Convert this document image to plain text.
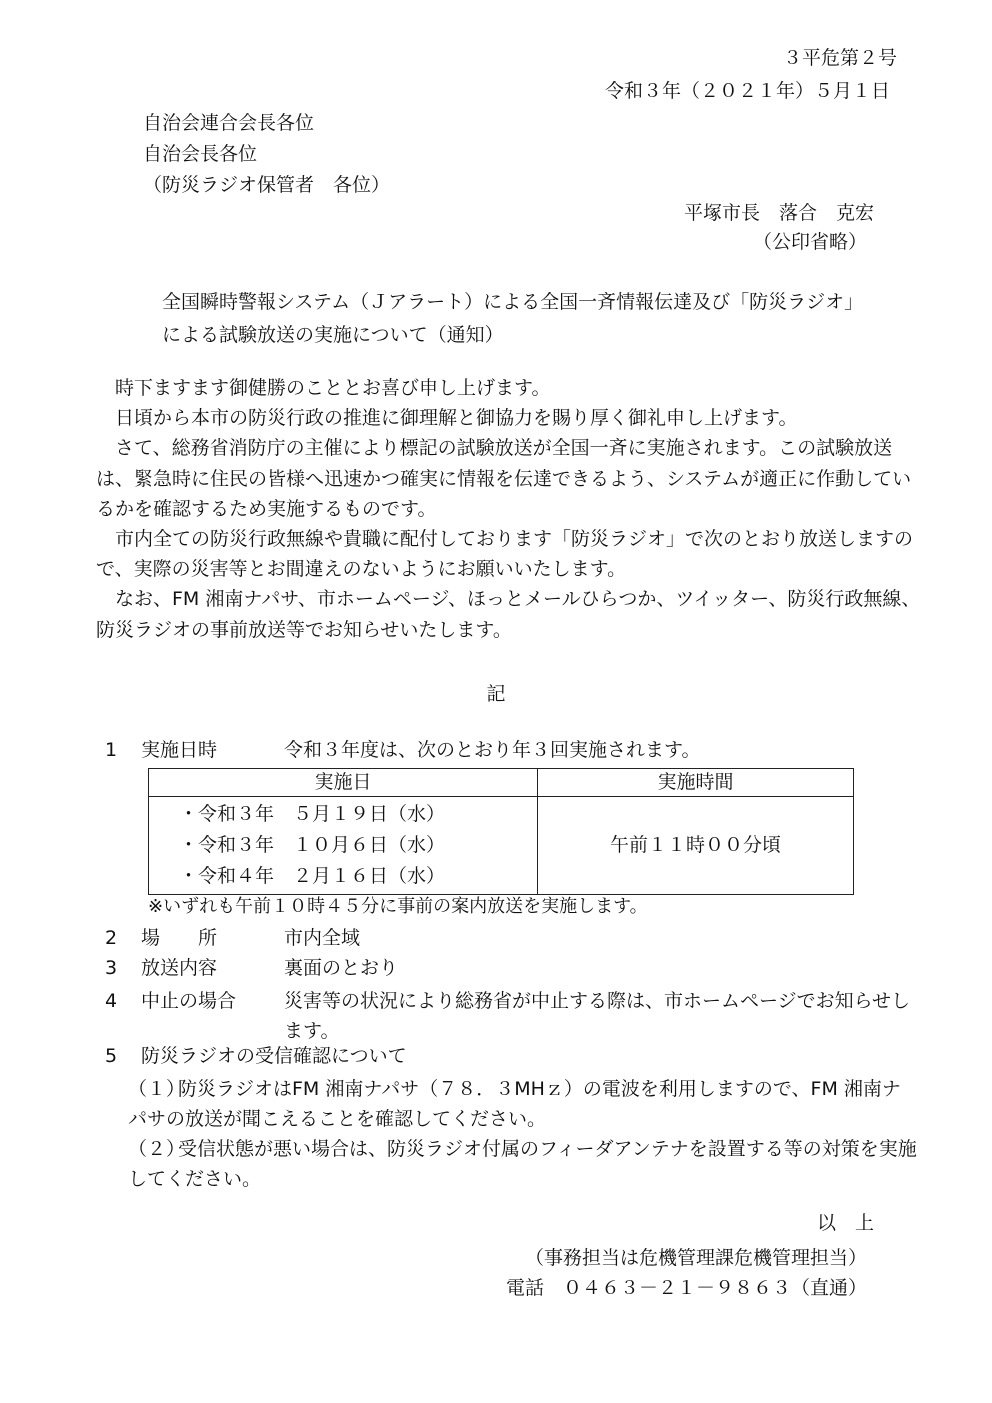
３平危第２号
令和３年（２０２１年）５月１日
自治会連合会長各位
自治会長各位
（防災ラジオ保管者　各位）
平塚市長　落合　克宏
（公印省略）
全国瞬時警報システム（Ｊアラート）による全国一斉情報伝達及び「防災ラジオ」による試験放送の実施について（通知）

時下ますます御健勝のこととお喜び申し上げます。

日頃から本市の防災行政の推進に御理解と御協力を賜り厚く御礼申し上げます。

さて、総務省消防庁の主催により標記の試験放送が全国一斉に実施されます。この試験放送は、緊急時に住民の皆様へ迅速かつ確実に情報を伝達できるよう、システムが適正に作動しているかを確認するため実施するものです。

市内全ての防災行政無線や貴職に配付しております「防災ラジオ」で次のとおり放送しますので、実際の災害等とお間違えのないようにお願いいたします。

なお、FM 湘南ナパサ、市ホームページ、ほっとメールひらつか、ツイッター、防災行政無線、防災ラジオの事前放送等でお知らせいたします。

記
1 実施日時	令和３年度は、次のとおり年３回実施されます。
実施日	実施時間

・令和３年　５月１９日（水）
・令和３年　１０月６日（水）
・令和４年　２月１６日（水）	午前１１時００分頃
※いずれも午前１０時４５分に事前の案内放送を実施します。
2 場　　所	市内全域
3 放送内容	裏面のとおり
4 中止の場合	災害等の状況により総務省が中止する際は、市ホームページでお知らせします。
5 防災ラジオの受信確認について
（１）防災ラジオはFM 湘南ナパサ（７８．３MHｚ）の電波を利用しますので、FM 湘南ナパサの放送が聞こえることを確認してください。
（２）受信状態が悪い場合は、防災ラジオ付属のフィーダアンテナを設置する等の対策を実施してください。
以　上
（事務担当は危機管理課危機管理担当）
電話　０４６３－２１－９８６３（直通）
